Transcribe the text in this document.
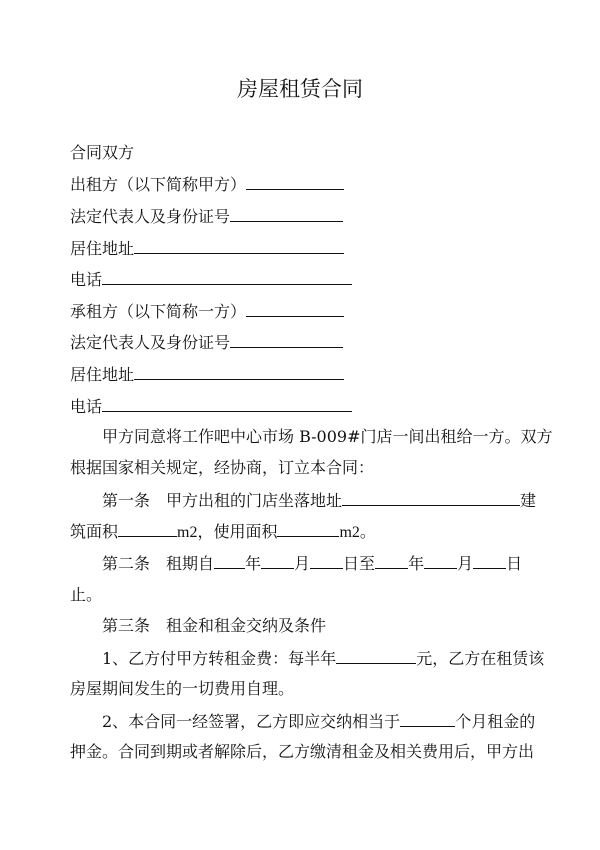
房屋租赁合同
合同双方
出租方（以下简称甲方）
法定代表人及身份证号
居住地址
电话
承租方（以下简称一方）
法定代表人及身份证号
居住地址
电话
甲方同意将工作吧中心市场 B-009#门店一间出租给一方。双方
根据国家相关规定，经协商，订立本合同：
第一条　甲方出租的门店坐落地址	建
筑面积	m2，使用面积	m2。
第二条　租期自 年 月 日至 年 月 日
止。
第三条　租金和租金交纳及条件
1、乙方付甲方转租金费：每半年	元，乙方在租赁该
房屋期间发生的一切费用自理。
2、本合同一经签署，乙方即应交纳相当于	个月租金的
押金。合同到期或者解除后，乙方缴清租金及相关费用后，甲方出
